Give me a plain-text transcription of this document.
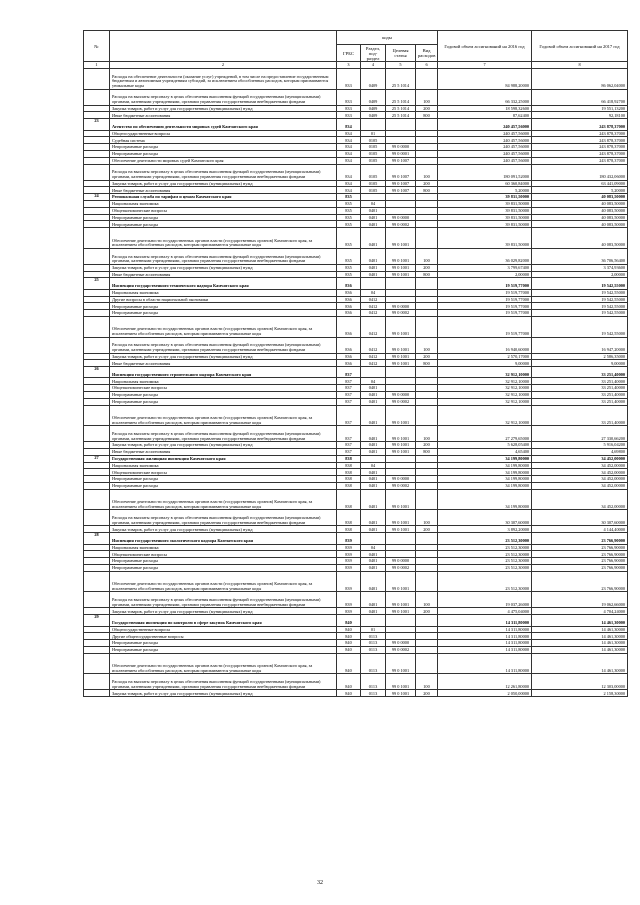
№		коды				Годовой объем ассигнований на 2016 год	Годовой объем ассигнований на 2017 год
		ГРБС	Раздел, под-раздел	Целевая статья	Вид расходов		
1	2	3	4	5	6	7	8
	Расходы на обеспечение деятельности (оказание услуг) учреждений, в том числе на предоставление государственным бюджетным и автономным учреждениям субсидий, за исключением обособленных расходов, которым присваиваются уникальные коды	833	0409	25 5 1014		84 988,20000	86 062,04000
	Расходы на выплаты персоналу в целях обеспечения выполнения функций государственными (муниципальными) органами, казенными учреждениями, органами управления государственными внебюджетными фондами	833	0409	25 5 1014	100	66 332,25000	66 418,92700
	Закупка товаров, работ и услуг для государственных (муниципальных) нужд	833	0409	25 5 1014	200	18 598,32600	19 551,13200
	Иные бюджетные ассигнования	833	0409	25 5 1014	800	87,62400	92,18100
23	Агентство по обеспечению деятельности мировых судей Камчатского края	834				240 457,56000	243 878,37000
	Общегосударственные вопросы	834	01			240 457,56000	243 878,37000
	Судебная система	834	0105			240 457,56000	243 878,37000
	Непрограммные расходы	834	0105	99 0 0000		240 457,56000	243 878,37000
	Непрограммные расходы	834	0105	99 0 0001		240 457,56000	243 878,37000
	Обеспечение деятельности мировых судей Камчатского края	834	0105	99 0 1007		240 457,56000	243 878,37000
	Расходы на выплаты персоналу в целях обеспечения выполнения функций государственными (муниципальными) органами, казенными учреждениями, органами управления государственными внебюджетными фондами	834	0105	99 0 1007	100	180 091,52000	180 432,06000
	Закупка товаров, работ и услуг для государственных (муниципальных) нужд	834	0105	99 0 1007	200	60 360,84000	63 441,09000
	Иные бюджетные ассигнования	834	0105	99 0 1007	800	5,20000	5,20000
24	Региональная служба по тарифам и ценам Камчатского края	835				39 831,50000	40 083,50000
	Национальная экономика	835	04			39 831,50000	40 083,50000
	Общеэкономические вопросы	835	0401			39 831,50000	40 083,50000
	Непрограммные расходы	835	0401	99 0 0000		39 831,50000	40 083,50000
	Непрограммные расходы	835	0401	99 0 0002		39 831,50000	40 083,50000
	Обеспечение деятельности государственных органов власти (государственных органов) Камчатского края, за исключением обособленных расходов, которым присваиваются уникальные коды	835	0401	99 0 1001		39 831,50000	40 083,50000
	Расходы на выплаты персоналу в целях обеспечения выполнения функций государственными (муниципальными) органами, казенными учреждениями, органами управления государственными внебюджетными фондами	835	0401	99 0 1001	100	36 029,82000	36 706,56400
	Закупка товаров, работ и услуг для государственных (муниципальных) нужд	835	0401	99 0 1001	200	3 799,67400	3 374,93600
	Иные бюджетные ассигнования	835	0401	99 0 1001	800	2,00000	2,00000
25	Инспекция государственного технического надзора Камчатского края	836				19 519,77000	19 542,55000
	Национальная экономика	836	04			19 519,77000	19 542,55000
	Другие вопросы в области национальной экономики	836	0412			19 519,77000	19 542,55000
	Непрограммные расходы	836	0412	99 0 0000		19 519,77000	19 542,55000
	Непрограммные расходы	836	0412	99 0 0002		19 519,77000	19 542,55000
	Обеспечение деятельности государственных органов власти (государственных органов) Камчатского края, за исключением обособленных расходов, которым присваиваются уникальные коды	836	0412	99 0 1001		19 519,77000	19 542,55000
	Расходы на выплаты персоналу в целях обеспечения выполнения функций государственными (муниципальными) органами, казенными учреждениями, органами управления государственными внебюджетными фондами	836	0412	99 0 1001	100	16 940,60000	16 947,20000
	Закупка товаров, работ и услуг для государственных (муниципальных) нужд	836	0412	99 0 1001	200	2 570,17000	2 586,35000
	Иные бюджетные ассигнования	836	0412	99 0 1001	800	9,00000	9,00000
26	Инспекция государственного строительного надзора Камчатского края	837				32 912,10000	33 251,40000
	Национальная экономика	837	04			32 912,10000	33 251,40000
	Общеэкономические вопросы	837	0401			32 912,10000	33 251,40000
	Непрограммные расходы	837	0401	99 0 0000		32 912,10000	33 251,40000
	Непрограммные расходы	837	0401	99 0 0002		32 912,10000	33 251,40000
	Обеспечение деятельности государственных органов власти (государственных органов) Камчатского края, за исключением обособленных расходов, которым присваиваются уникальные коды	837	0401	99 0 1001		32 912,10000	33 251,40000
	Расходы на выплаты персоналу в целях обеспечения выполнения функций государственными (муниципальными) органами, казенными учреждениями, органами управления государственными внебюджетными фондами	837	0401	99 0 1001	100	27 279,65000	27 330,66200
	Закупка товаров, работ и услуг для государственных (муниципальных) нужд	837	0401	99 0 1001	200	5 628,05400	5 916,04200
	Иные бюджетные ассигнования	837	0401	99 0 1001	800	4,65400	4,69800
27	Государственная жилищная инспекция Камчатского края	838				34 199,80000	34 452,00000
	Национальная экономика	838	04			34 199,80000	34 452,00000
	Общеэкономические вопросы	838	0401			34 199,80000	34 452,00000
	Непрограммные расходы	838	0401	99 0 0000		34 199,80000	34 452,00000
	Непрограммные расходы	838	0401	99 0 0002		34 199,80000	34 452,00000
	Обеспечение деятельности государственных органов власти (государственных органов) Камчатского края, за исключением обособленных расходов, которым присваиваются уникальные коды	838	0401	99 0 1001		34 199,80000	34 452,00000
	Расходы на выплаты персоналу в целях обеспечения выполнения функций государственными (муниципальными) органами, казенными учреждениями, органами управления государственными внебюджетными фондами	838	0401	99 0 1001	100	30 307,60000	30 307,60000
	Закупка товаров, работ и услуг для государственных (муниципальных) нужд	838	0401	99 0 1001	200	3 892,20000	4 144,40000
28	Инспекция государственного экологического надзора Камчатского края	839				23 512,30000	23 766,90000
	Национальная экономика	839	04			23 512,30000	23 766,90000
	Общеэкономические вопросы	839	0401			23 512,30000	23 766,90000
	Непрограммные расходы	839	0401	99 0 0000		23 512,30000	23 766,90000
	Непрограммные расходы	839	0401	99 0 0002		23 512,30000	23 766,90000
	Обеспечение деятельности государственных органов власти (государственных органов) Камчатского края, за исключением обособленных расходов, которым присваиваются уникальные коды	839	0401	99 0 1001		23 512,30000	23 766,90000
	Расходы на выплаты персоналу в целях обеспечения выполнения функций государственными (муниципальными) органами, казенными учреждениями, органами управления государственными внебюджетными фондами	839	0401	99 0 1001	100	19 037,26000	19 062,66000
	Закупка товаров, работ и услуг для государственных (муниципальных) нужд	839	0401	99 0 1001	200	4 475,04000	4 704,24000
29	Государственная инспекция по контролю в сфере закупок Камчатского края	840				14 311,80000	14 461,30000
	Общегосударственные вопросы	840	01			14 311,80000	14 461,30000
	Другие общегосударственные вопросы	840	0113			14 311,80000	14 461,30000
	Непрограммные расходы	840	0113	99 0 0000		14 311,80000	14 461,30000
	Непрограммные расходы	840	0113	99 0 0002		14 311,80000	14 461,30000
	Обеспечение деятельности государственных органов власти (государственных органов) Камчатского края, за исключением обособленных расходов, которым присваиваются уникальные коды	840	0113	99 0 1001		14 311,80000	14 461,30000
	Расходы на выплаты персоналу в целях обеспечения выполнения функций государственными (муниципальными) органами, казенными учреждениями, органами управления государственными внебюджетными фондами	840	0113	99 0 1001	100	12 261,80000	12 303,00000
	Закупка товаров, работ и услуг для государственных (муниципальных) нужд	840	0113	99 0 1001	200	2 050,00000	2 158,30000
32
